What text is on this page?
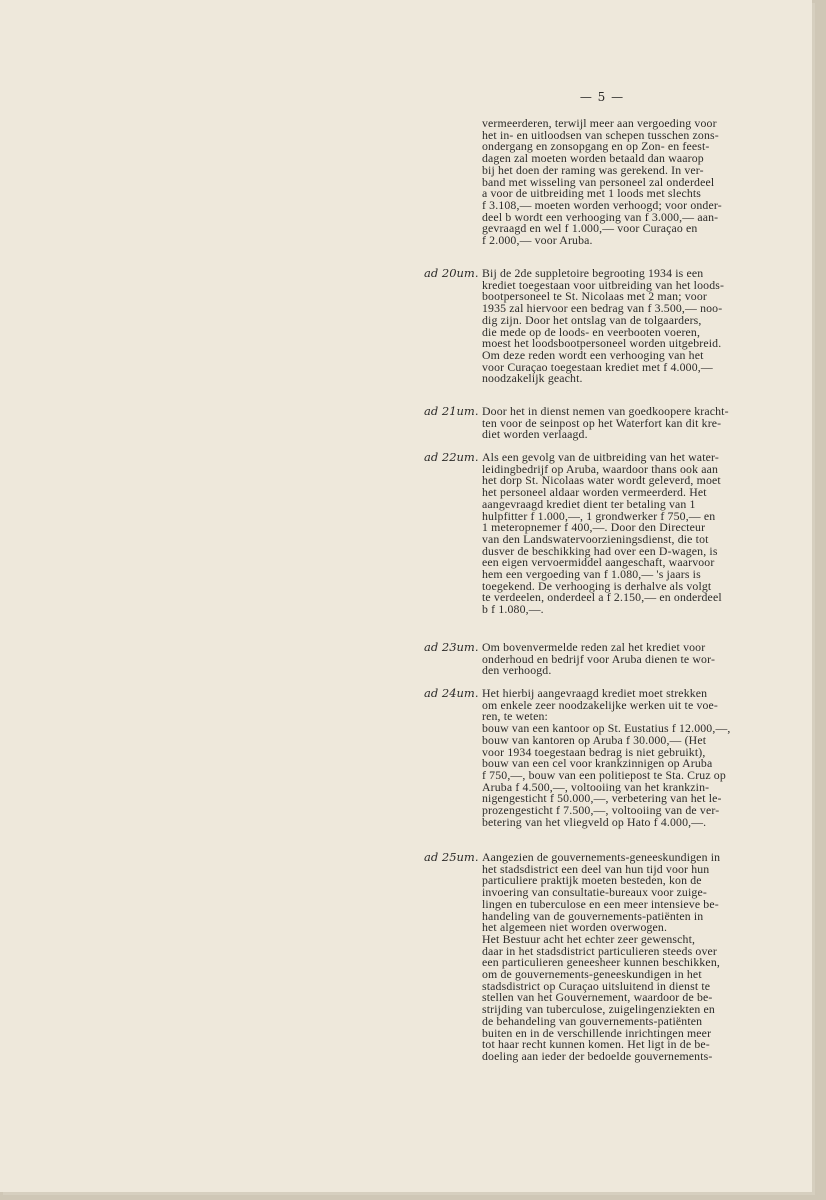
— 5 —
vermeerderen, terwijl meer aan vergoeding voor
het in- en uitloodsen van schepen tusschen zons-
ondergang en zonsopgang en op Zon- en feest-
dagen zal moeten worden betaald dan waarop
bij het doen der raming was gerekend. In ver-
band met wisseling van personeel zal onderdeel
a voor de uitbreiding met 1 loods met slechts
f 3.108,— moeten worden verhoogd; voor onder-
deel b wordt een verhooging van f 3.000,— aan-
gevraagd en wel f 1.000,— voor Curaçao en
f 2.000,— voor Aruba.
ad 20um. Bij de 2de suppletoire begrooting 1934 is een
krediet toegestaan voor uitbreiding van het loods-
bootpersoneel te St. Nicolaas met 2 man; voor
1935 zal hiervoor een bedrag van f 3.500,— noo-
dig zijn. Door het ontslag van de tolgaarders,
die mede op de loods- en veerbooten voeren,
moest het loodsbootpersoneel worden uitgebreid.
Om deze reden wordt een verhooging van het
voor Curaçao toegestaan krediet met f 4.000,—
noodzakelijk geacht.
ad 21um. Door het in dienst nemen van goedkoopere kracht-
ten voor de seinpost op het Waterfort kan dit kre-
diet worden verlaagd.
ad 22um. Als een gevolg van de uitbreiding van het water-
leidingbedrijf op Aruba, waardoor thans ook aan
het dorp St. Nicolaas water wordt geleverd, moet
het personeel aldaar worden vermeerderd. Het
aangevraagd krediet dient ter betaling van 1
hulpfitter f 1.000,—, 1 grondwerker f 750,— en
1 meteropnemer f 400,—. Door den Directeur
van den Landswatervoorzieningsdienst, die tot
dusver de beschikking had over een D-wagen, is
een eigen vervoermiddel aangeschaft, waarvoor
hem een vergoeding van f 1.080,— 's jaars is
toegekend. De verhooging is derhalve als volgt
te verdeelen, onderdeel a f 2.150,— en onderdeel
b f 1.080,—.
ad 23um. Om bovenvermelde reden zal het krediet voor
onderhoud en bedrijf voor Aruba dienen te wor-
den verhoogd.
ad 24um. Het hierbij aangevraagd krediet moet strekken
om enkele zeer noodzakelijke werken uit te voe-
ren, te weten:
bouw van een kantoor op St. Eustatius f 12.000,—,
bouw van kantoren op Aruba f 30.000,— (Het
voor 1934 toegestaan bedrag is niet gebruikt),
bouw van een cel voor krankzinnigen op Aruba
f 750,—, bouw van een politiepost te Sta. Cruz op
Aruba f 4.500,—, voltooiing van het krankzin-
nigengesticht f 50.000,—, verbetering van het le-
prozengesticht f 7.500,—, voltooiing van de ver-
betering van het vliegveld op Hato f 4.000,—.
ad 25um. Aangezien de gouvernements-geneeskundigen in
het stadsdistrict een deel van hun tijd voor hun
particuliere praktijk moeten besteden, kon de
invoering van consultatie-bureaux voor zuige-
lingen en tuberculose en een meer intensieve be-
handeling van de gouvernements-patiënten in
het algemeen niet worden overwogen.
Het Bestuur acht het echter zeer gewenscht,
daar in het stadsdistrict particulieren steeds over
een particulieren geneesheer kunnen beschikken,
om de gouvernements-geneeskundigen in het
stadsdistrict op Curaçao uitsluitend in dienst te
stellen van het Gouvernement, waardoor de be-
strijding van tuberculose, zuigelingenziekten en
de behandeling van gouvernements-patiënten
buiten en in de verschillende inrichtingen meer
tot haar recht kunnen komen. Het ligt in de be-
doeling aan ieder der bedoelde gouvernements-
